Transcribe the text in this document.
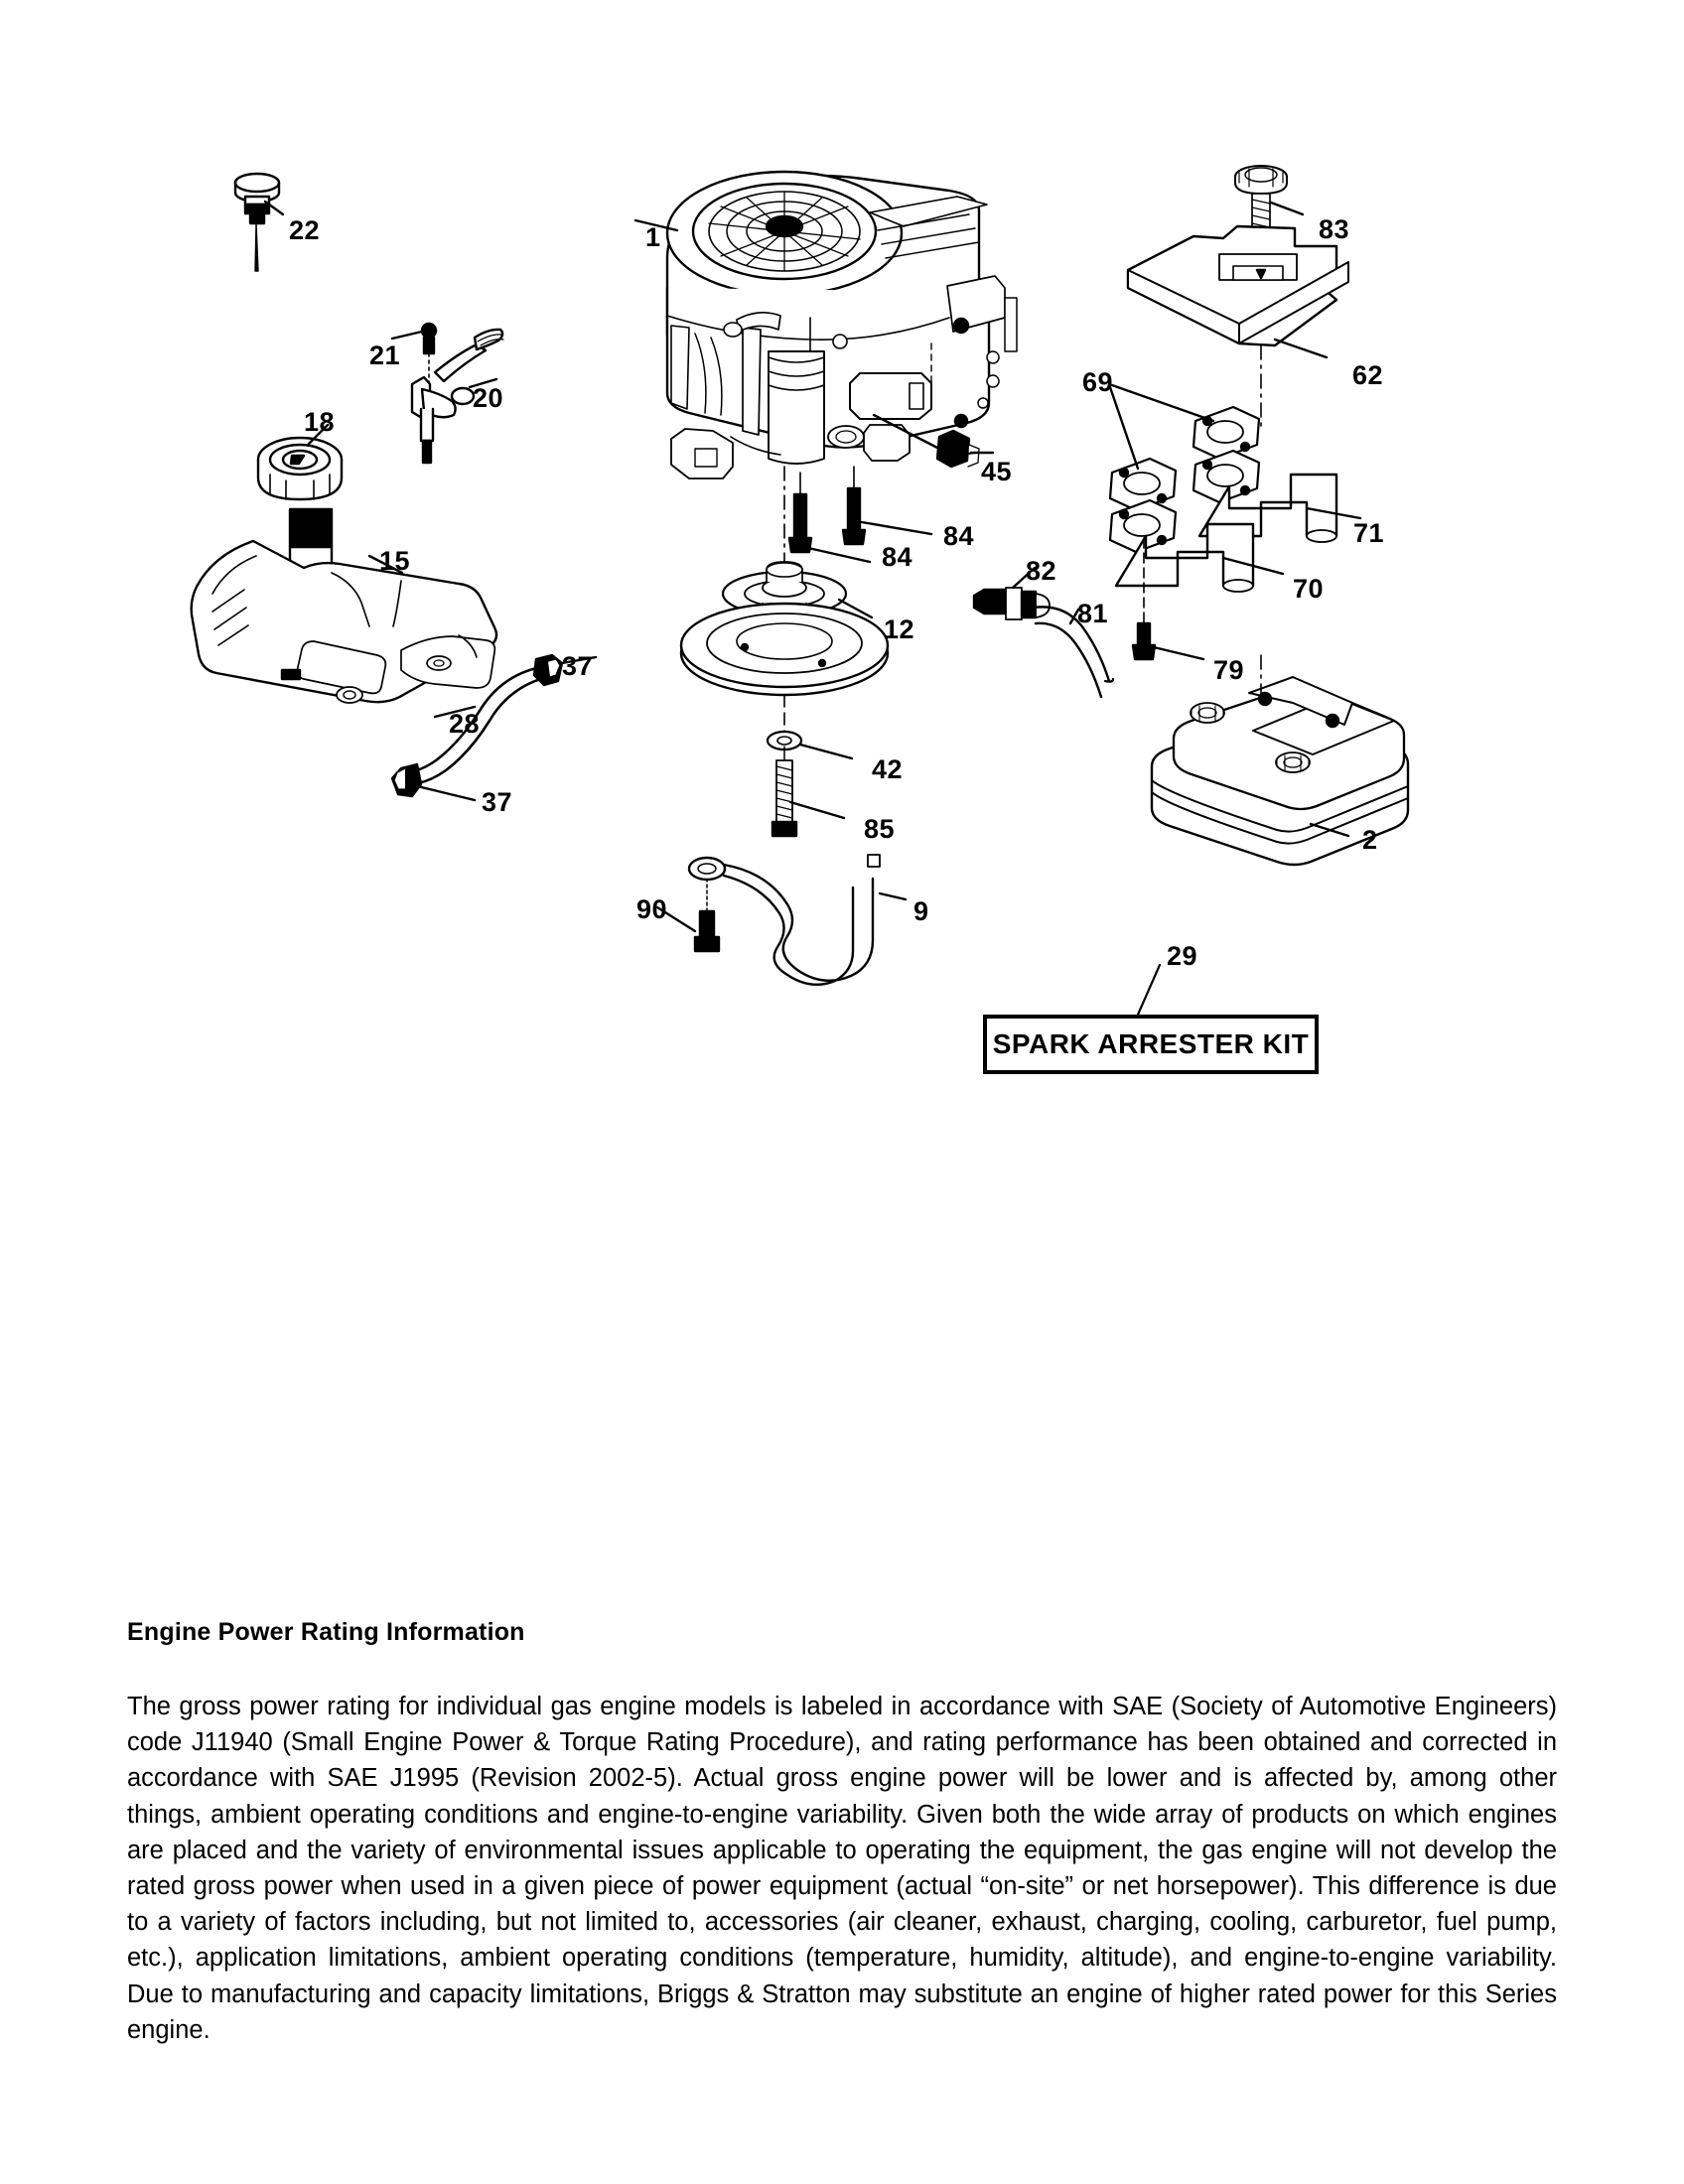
22
21
20
18
15
37
28
37
1
45
84
84
12
42
85
90	9
83
62
69
71
70
82
81
79
2
29
SPARK ARRESTER KIT
Engine Power Rating Information

The gross power rating for individual gas engine models is labeled in accordance with SAE (Society of Automotive Engineers) code J11940 (Small Engine Power & Torque Rating Procedure), and rating performance has been obtained and corrected in accordance with SAE J1995 (Revision 2002-5). Actual gross engine power will be lower and is affected by, among other things, ambient operating conditions and engine-to-engine variability. Given both the wide array of products on which engines are placed and the variety of environmental issues applicable to operating the equipment, the gas engine will not develop the rated gross power when used in a given piece of power equipment (actual “on-site” or net horsepower). This difference is due to a variety of factors including, but not limited to, accessories (air cleaner, exhaust, charging, cooling, carburetor, fuel pump, etc.), application limitations, ambient operating conditions (temperature, humidity, altitude), and engine-to-engine variability. Due to manufacturing and capacity limitations, Briggs & Stratton may substitute an engine of higher rated power for this Series engine.
